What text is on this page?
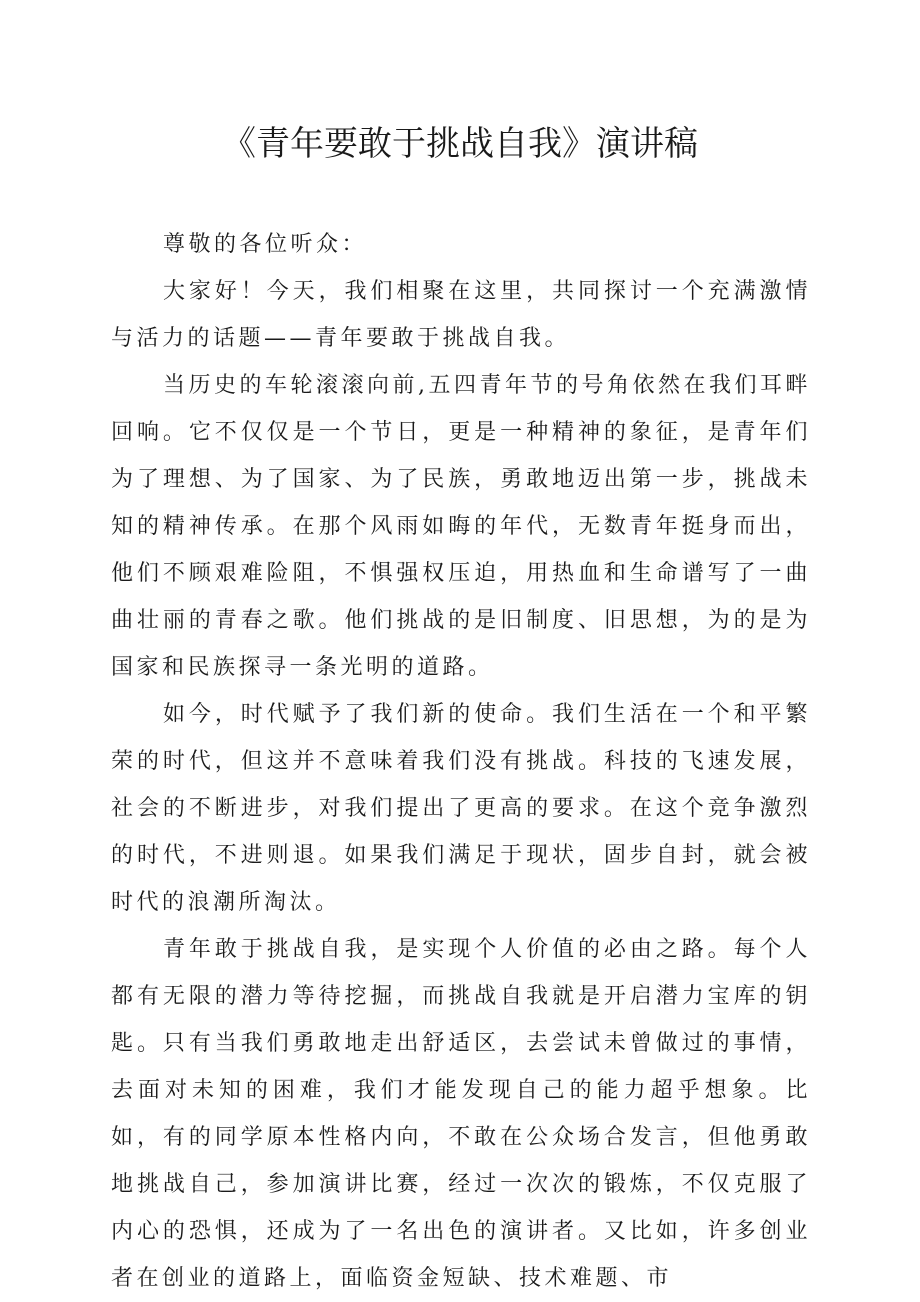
《青年要敢于挑战自我》演讲稿

尊敬的各位听众：

大家好！今天，我们相聚在这里，共同探讨一个充满激情与活力的话题——青年要敢于挑战自我。

当历史的车轮滚滚向前,五四青年节的号角依然在我们耳畔回响。它不仅仅是一个节日，更是一种精神的象征，是青年们为了理想、为了国家、为了民族，勇敢地迈出第一步，挑战未知的精神传承。在那个风雨如晦的年代，无数青年挺身而出，他们不顾艰难险阻，不惧强权压迫，用热血和生命谱写了一曲曲壮丽的青春之歌。他们挑战的是旧制度、旧思想，为的是为国家和民族探寻一条光明的道路。

如今，时代赋予了我们新的使命。我们生活在一个和平繁荣的时代，但这并不意味着我们没有挑战。科技的飞速发展，社会的不断进步，对我们提出了更高的要求。在这个竞争激烈的时代，不进则退。如果我们满足于现状，固步自封，就会被时代的浪潮所淘汰。

青年敢于挑战自我，是实现个人价值的必由之路。每个人都有无限的潜力等待挖掘，而挑战自我就是开启潜力宝库的钥匙。只有当我们勇敢地走出舒适区，去尝试未曾做过的事情，去面对未知的困难，我们才能发现自己的能力超乎想象。比如，有的同学原本性格内向，不敢在公众场合发言，但他勇敢地挑战自己，参加演讲比赛，经过一次次的锻炼，不仅克服了内心的恐惧，还成为了一名出色的演讲者。又比如，许多创业者在创业的道路上，面临资金短缺、技术难题、市
